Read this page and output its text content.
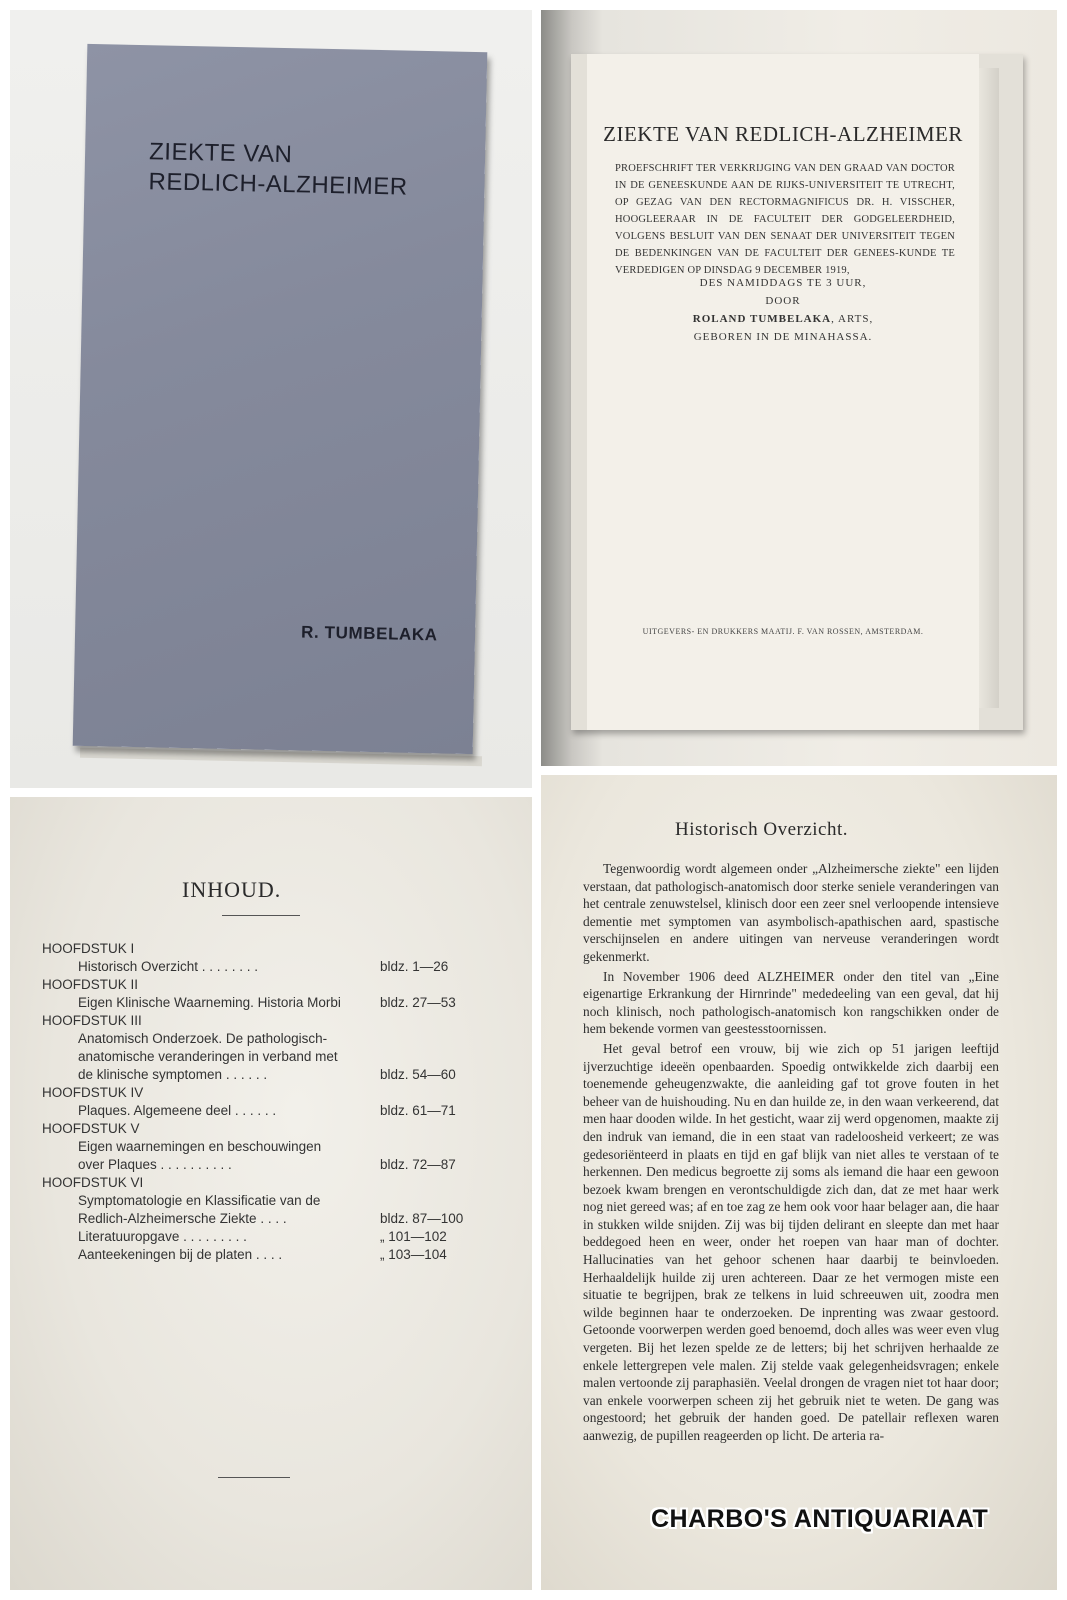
ZIEKTE VAN
REDLICH-ALZHEIMER
R. TUMBELAKA
ZIEKTE VAN REDLICH-ALZHEIMER
PROEFSCHRIFT TER VERKRIJGING VAN DEN GRAAD VAN DOCTOR IN DE GENEESKUNDE AAN DE RIJKS-UNIVERSITEIT TE UTRECHT, OP GEZAG VAN DEN RECTORMAGNIFICUS DR. H. VISSCHER, HOOGLEERAAR IN DE FACULTEIT DER GODGELEERDHEID, VOLGENS BESLUIT VAN DEN SENAAT DER UNIVERSITEIT TEGEN DE BEDENKINGEN VAN DE FACULTEIT DER GENEES-KUNDE TE VERDEDIGEN OP DINSDAG 9 DECEMBER 1919,
DES NAMIDDAGS TE 3 UUR,
DOOR
ROLAND TUMBELAKA, ARTS,
GEBOREN IN DE MINAHASSA.
UITGEVERS- EN DRUKKERS MAATIJ. F. VAN ROSSEN, AMSTERDAM.
INHOUD.
HOOFDSTUK I
Historisch Overzicht . . . . . . . .	bldz. 1—26
HOOFDSTUK II
Eigen Klinische Waarneming. Historia Morbi	bldz. 27—53
HOOFDSTUK III
Anatomisch Onderzoek. De pathologisch-
anatomische veranderingen in verband met
de klinische symptomen . . . . . .	bldz. 54—60
HOOFDSTUK IV
Plaques. Algemeene deel . . . . . .	bldz. 61—71
HOOFDSTUK V
Eigen waarnemingen en beschouwingen
over Plaques . . . . . . . . . .	bldz. 72—87
HOOFDSTUK VI
Symptomatologie en Klassificatie van de
Redlich-Alzheimersche Ziekte . . . .	bldz. 87—100
Literatuuropgave . . . . . . . . .	„ 101—102
Aanteekeningen bij de platen . . . .	„ 103—104
Historisch Overzicht.

Tegenwoordig wordt algemeen onder „Alzheimersche ziekte" een lijden verstaan, dat pathologisch-anatomisch door sterke seniele veranderingen van het centrale zenuwstelsel, klinisch door een zeer snel verloopende intensieve dementie met symptomen van asymbolisch-apathischen aard, spastische verschijnselen en andere uitingen van nerveuse veranderingen wordt gekenmerkt.

In November 1906 deed ALZHEIMER onder den titel van „Eine eigenartige Erkrankung der Hirnrinde" mededeeling van een geval, dat hij noch klinisch, noch pathologisch-anatomisch kon rangschikken onder de hem bekende vormen van geestesstoornissen.

Het geval betrof een vrouw, bij wie zich op 51 jarigen leeftijd ijverzuchtige ideeën openbaarden. Spoedig ontwikkelde zich daarbij een toenemende geheugenzwakte, die aanleiding gaf tot grove fouten in het beheer van de huishouding. Nu en dan huilde ze, in den waan verkeerend, dat men haar dooden wilde. In het gesticht, waar zij werd opgenomen, maakte zij den indruk van iemand, die in een staat van radeloosheid verkeert; ze was gedesoriënteerd in plaats en tijd en gaf blijk van niet alles te verstaan of te herkennen. Den medicus begroette zij soms als iemand die haar een gewoon bezoek kwam brengen en verontschuldigde zich dan, dat ze met haar werk nog niet gereed was; af en toe zag ze hem ook voor haar belager aan, die haar in stukken wilde snijden. Zij was bij tijden delirant en sleepte dan met haar beddegoed heen en weer, onder het roepen van haar man of dochter. Hallucinaties van het gehoor schenen haar daarbij te beinvloeden. Herhaaldelijk huilde zij uren achtereen. Daar ze het vermogen miste een situatie te begrijpen, brak ze telkens in luid schreeuwen uit, zoodra men wilde beginnen haar te onderzoeken. De inprenting was zwaar gestoord. Getoonde voorwerpen werden goed benoemd, doch alles was weer even vlug vergeten. Bij het lezen spelde ze de letters; bij het schrijven herhaalde ze enkele lettergrepen vele malen. Zij stelde vaak gelegenheidsvragen; enkele malen vertoonde zij paraphasiën. Veelal drongen de vragen niet tot haar door; van enkele voorwerpen scheen zij het gebruik niet te weten. De gang was ongestoord; het gebruik der handen goed. De patellair reflexen waren aanwezig, de pupillen reageerden op licht. De arteria ra-

CHARBO'S ANTIQUARIAAT
